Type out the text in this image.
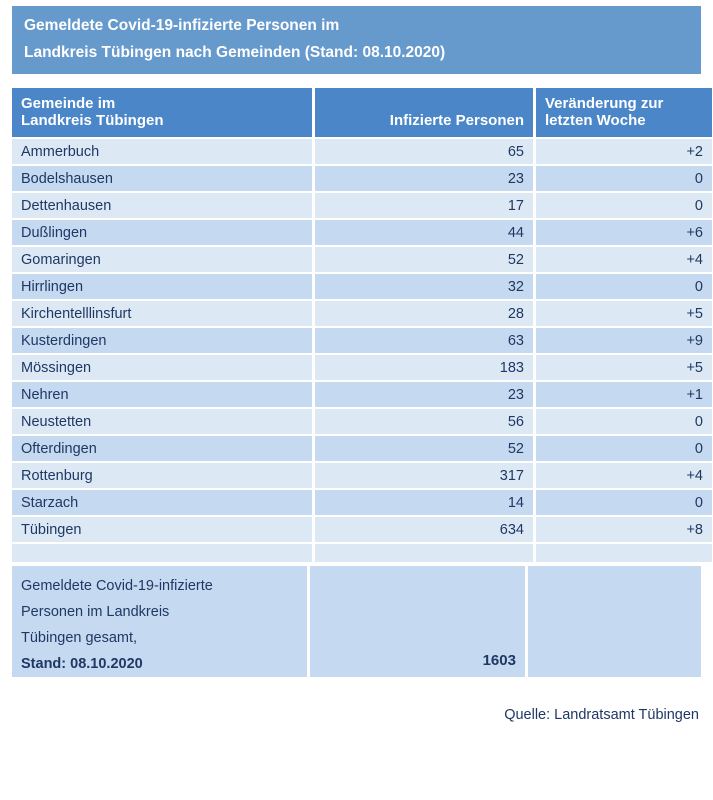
Gemeldete Covid-19-infizierte Personen im
Landkreis Tübingen nach Gemeinden (Stand: 08.10.2020)
Gemeinde im
Landkreis Tübingen	Infizierte Personen	Veränderung zur
letzten Woche

Ammerbuch	65	+2
Bodelshausen	23	0
Dettenhausen	17	0
Dußlingen	44	+6
Gomaringen	52	+4
Hirrlingen	32	0
Kirchentelllinsfurt	28	+5
Kusterdingen	63	+9
Mössingen	183	+5
Nehren	23	+1
Neustetten	56	0
Ofterdingen	52	0
Rottenburg	317	+4
Starzach	14	0
Tübingen	634	+8

Gemeldete Covid-19-infizierte
Personen im Landkreis
Tübingen gesamt,
Stand: 08.10.2020	1603
Quelle: Landratsamt Tübingen
